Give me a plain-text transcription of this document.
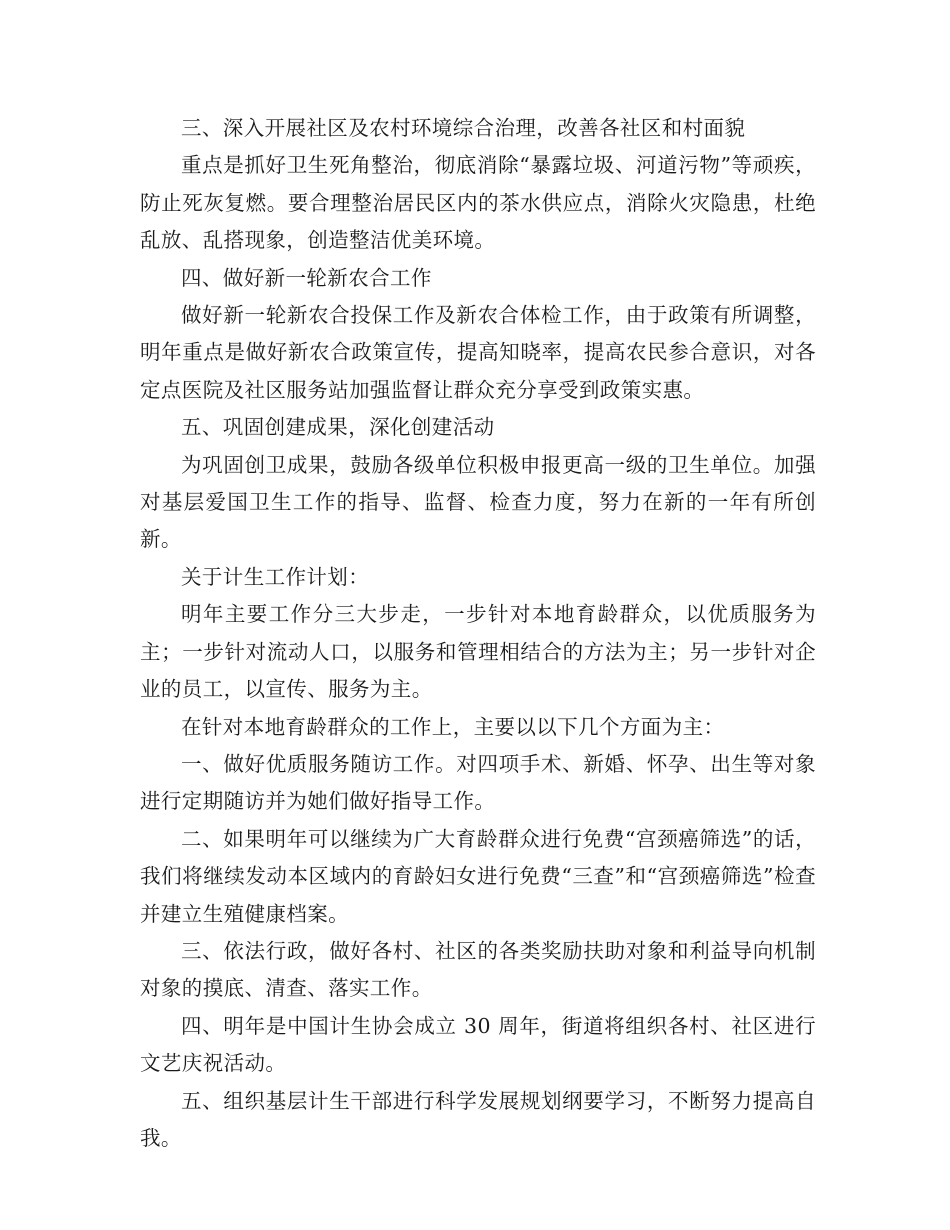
三、深入开展社区及农村环境综合治理，改善各社区和村面貌

重点是抓好卫生死角整治，彻底消除“暴露垃圾、河道污物”等顽疾，防止死灰复燃。要合理整治居民区内的茶水供应点，消除火灾隐患，杜绝乱放、乱搭现象，创造整洁优美环境。

四、做好新一轮新农合工作

做好新一轮新农合投保工作及新农合体检工作，由于政策有所调整，明年重点是做好新农合政策宣传，提高知晓率，提高农民参合意识，对各定点医院及社区服务站加强监督让群众充分享受到政策实惠。

五、巩固创建成果，深化创建活动

为巩固创卫成果，鼓励各级单位积极申报更高一级的卫生单位。加强对基层爱国卫生工作的指导、监督、检查力度，努力在新的一年有所创新。

关于计生工作计划：

明年主要工作分三大步走，一步针对本地育龄群众，以优质服务为主；一步针对流动人口，以服务和管理相结合的方法为主；另一步针对企业的员工，以宣传、服务为主。

在针对本地育龄群众的工作上，主要以以下几个方面为主：

一、做好优质服务随访工作。对四项手术、新婚、怀孕、出生等对象进行定期随访并为她们做好指导工作。

二、如果明年可以继续为广大育龄群众进行免费“宫颈癌筛选”的话，我们将继续发动本区域内的育龄妇女进行免费“三查”和“宫颈癌筛选”检查并建立生殖健康档案。

三、依法行政，做好各村、社区的各类奖励扶助对象和利益导向机制对象的摸底、清查、落实工作。

四、明年是中国计生协会成立 30 周年，街道将组织各村、社区进行文艺庆祝活动。

五、组织基层计生干部进行科学发展规划纲要学习，不断努力提高自我。
